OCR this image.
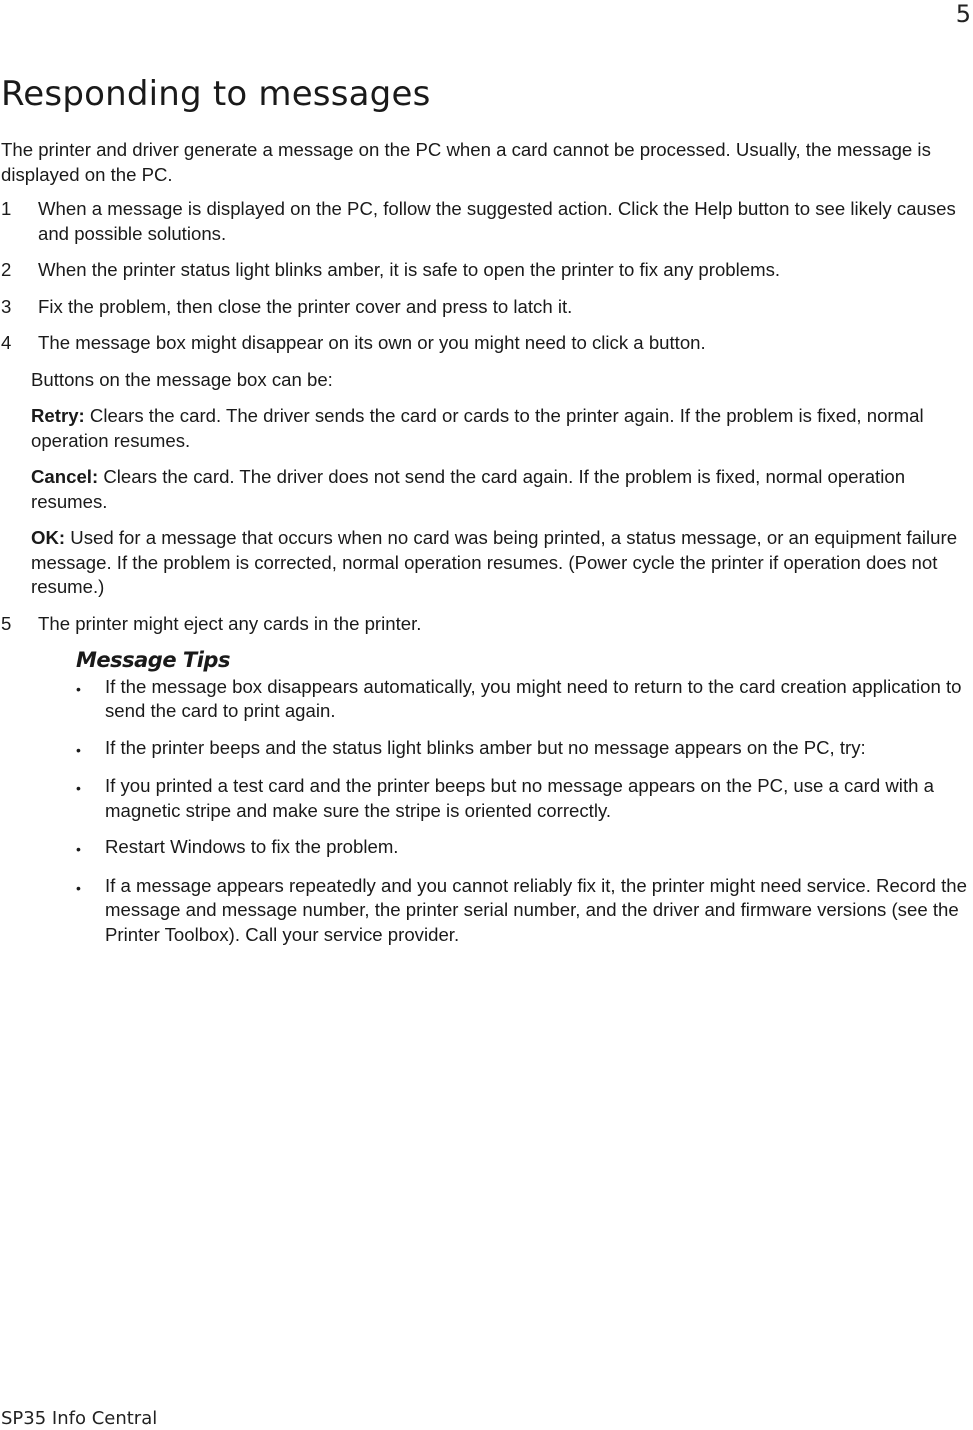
5
Responding to messages

The printer and driver generate a message on the PC when a card cannot be processed. Usually, the message is displayed on the PC.

1	When a message is displayed on the PC, follow the suggested action. Click the Help button to see likely causes and possible solutions.
2	When the printer status light blinks amber, it is safe to open the printer to fix any problems.
3	Fix the problem, then close the printer cover and press to latch it.
4	The message box might disappear on its own or you might need to click a button.

Buttons on the message box can be:

Retry: Clears the card. The driver sends the card or cards to the printer again. If the problem is fixed, normal operation resumes.

Cancel: Clears the card. The driver does not send the card again. If the problem is fixed, normal operation resumes.

OK: Used for a message that occurs when no card was being printed, a status message, or an equipment failure message. If the problem is corrected, normal operation resumes. (Power cycle the printer if operation does not resume.)

5	The printer might eject any cards in the printer.

Message Tips

•	If the message box disappears automatically, you might need to return to the card creation application to send the card to print again.
•	If the printer beeps and the status light blinks amber but no message appears on the PC, try:
•	If you printed a test card and the printer beeps but no message appears on the PC, use a card with a magnetic stripe and make sure the stripe is oriented correctly.
•	Restart Windows to fix the problem.
•	If a message appears repeatedly and you cannot reliably fix it, the printer might need service. Record the message and message number, the printer serial number, and the driver and firmware versions (see the Printer Toolbox). Call your service provider.
SP35 Info Central
